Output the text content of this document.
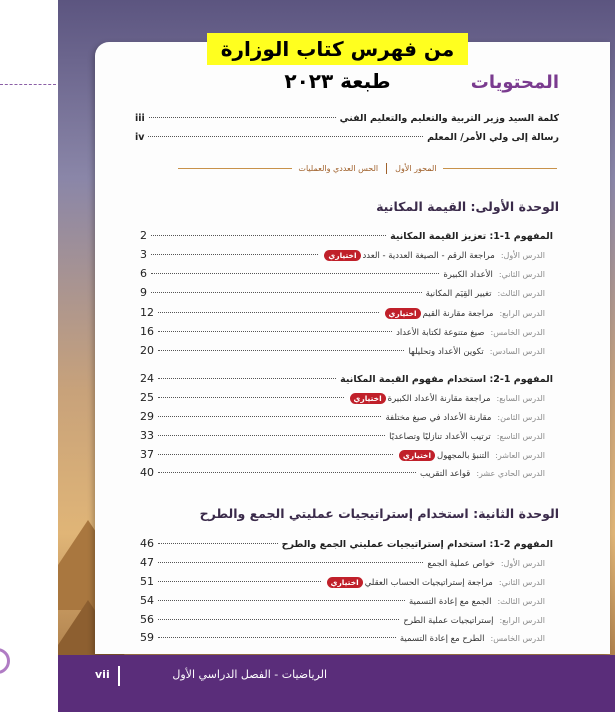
من فهرس كتاب الوزارة طبعة ٢٠٢٣	المحتويات
كلمة السيد وزير التربية والتعليم والتعليم الفني
iii
رسالة إلى ولي الأمر/ المعلم
iv
المحور الأول
الحس العددي والعمليات
الوحدة الأولى: القيمة المكانية
المفهوم 1-1: تعزيز القيمة المكانية
2
الدرس الأول:
مراجعة الرقم - الصيغة العددية - العدد
اختياري
3
الدرس الثاني:
الأعداد الكبيرة
6
الدرس الثالث:
تغيير القِيَم المكانية
9
الدرس الرابع:
مراجعة مقارنة القيم
اختياري
12
الدرس الخامس:
صيغ متنوعة لكتابة الأعداد
16
الدرس السادس:
تكوين الأعداد وتحليلها
20
المفهوم 1-2: استخدام مفهوم القيمة المكانية
24
الدرس السابع:
مراجعة مقارنة الأعداد الكبيرة
اختياري
25
الدرس الثامن:
مقارنة الأعداد في صيغ مختلفة
29
الدرس التاسع:
ترتيب الأعداد تنازليًا وتصاعديًا
33
الدرس العاشر:
التنبؤ بالمجهول
اختياري
37
الدرس الحادي عشر:
قواعد التقريب
40
الوحدة الثانية: استخدام إستراتيجيات عمليتي الجمع والطرح
المفهوم 2-1: استخدام إستراتيجيات عمليتي الجمع والطرح
46
الدرس الأول:
خواص عملية الجمع
47
الدرس الثاني:
مراجعة إستراتيجيات الحساب العقلي
اختياري
51
الدرس الثالث:
الجمع مع إعادة التسمية
54
الدرس الرابع:
إستراتيجيات عملية الطرح
56
الدرس الخامس:
الطرح مع إعادة التسمية
59
الرياضيات - الفصل الدراسي الأول
vii
